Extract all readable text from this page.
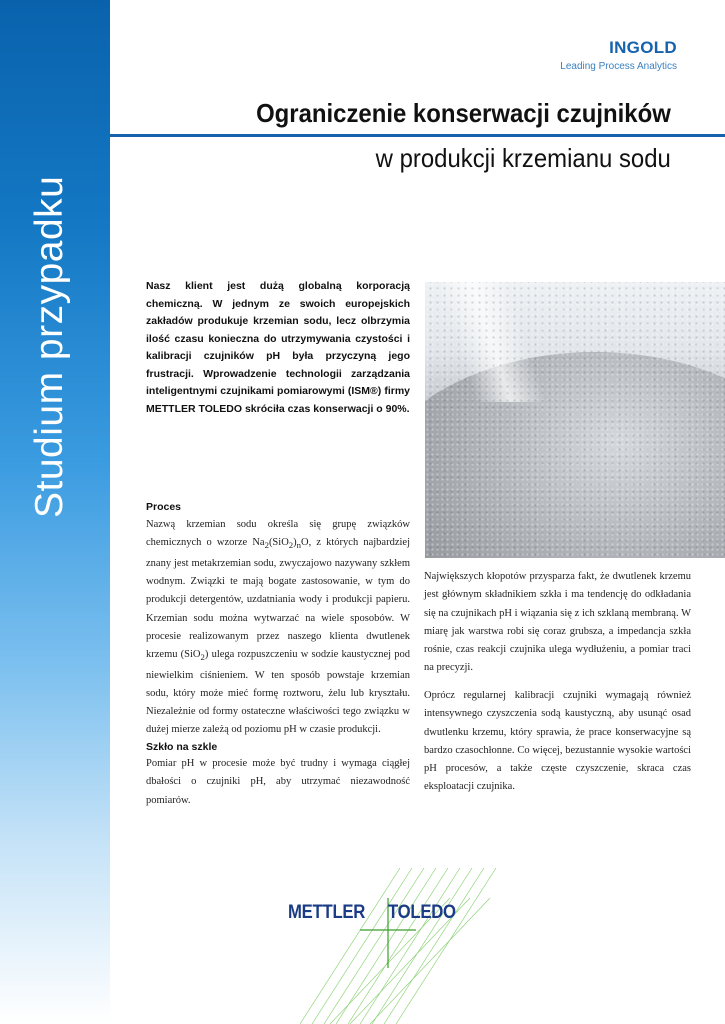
Studium przypadku
INGOLD
Leading Process Analytics
Ograniczenie konserwacji czujników
w produkcji krzemianu sodu
Nasz klient jest dużą globalną korporacją chemiczną. W jednym ze swoich europejskich zakładów produkuje krzemian sodu, lecz olbrzymia ilość czasu konieczna do utrzymywania czystości i kalibracji czujników pH była przyczyną jego frustracji. Wprowadzenie technologii zarządzania inteligentnymi czujnikami pomiarowymi (ISM®) firmy METTLER TOLEDO skróciła czas konserwacji o 90%.
Proces
Nazwą krzemian sodu określa się grupę związków chemicznych o wzorze $Na_2(SiO_2)_nO$, z których najbardziej znany jest metakrzemian sodu, zwyczajowo nazywany szkłem wodnym. Związki te mają bogate zastosowanie, w tym do produkcji detergentów, uzdatniania wody i produkcji papieru. Krzemian sodu można wytwarzać na wiele sposobów. W procesie realizowanym przez naszego klienta dwutlenek krzemu (SiO$_2$) ulega rozpuszczeniu w sodzie kaustycznej pod niewielkim ciśnieniem. W ten sposób powstaje krzemian sodu, który może mieć formę roztworu, żelu lub kryształu. Niezależnie od formy ostateczne właściwości tego związku w dużej mierze zależą od poziomu pH w czasie produkcji.
Szkło na szkle
Pomiar pH w procesie może być trudny i wymaga ciągłej dbałości o czujniki pH, aby utrzymać niezawodność pomiarów.
Największych kłopotów przysparza fakt, że dwutlenek krzemu jest głównym składnikiem szkła i ma tendencję do odkładania się na czujnikach pH i wiązania się z ich szklaną membraną. W miarę jak warstwa robi się coraz grubsza, a impedancja szkła rośnie, czas reakcji czujnika ulega wydłużeniu, a pomiar traci na precyzji.
Oprócz regularnej kalibracji czujniki wymagają również intensywnego czyszczenia sodą kaustyczną, aby usunąć osad dwutlenku krzemu, który sprawia, że prace konserwacyjne są bardzo czasochłonne. Co więcej, bezustannie wysokie wartości pH procesów, a także częste czyszczenie, skraca czas eksploatacji czujnika.
METTLER TOLEDO
